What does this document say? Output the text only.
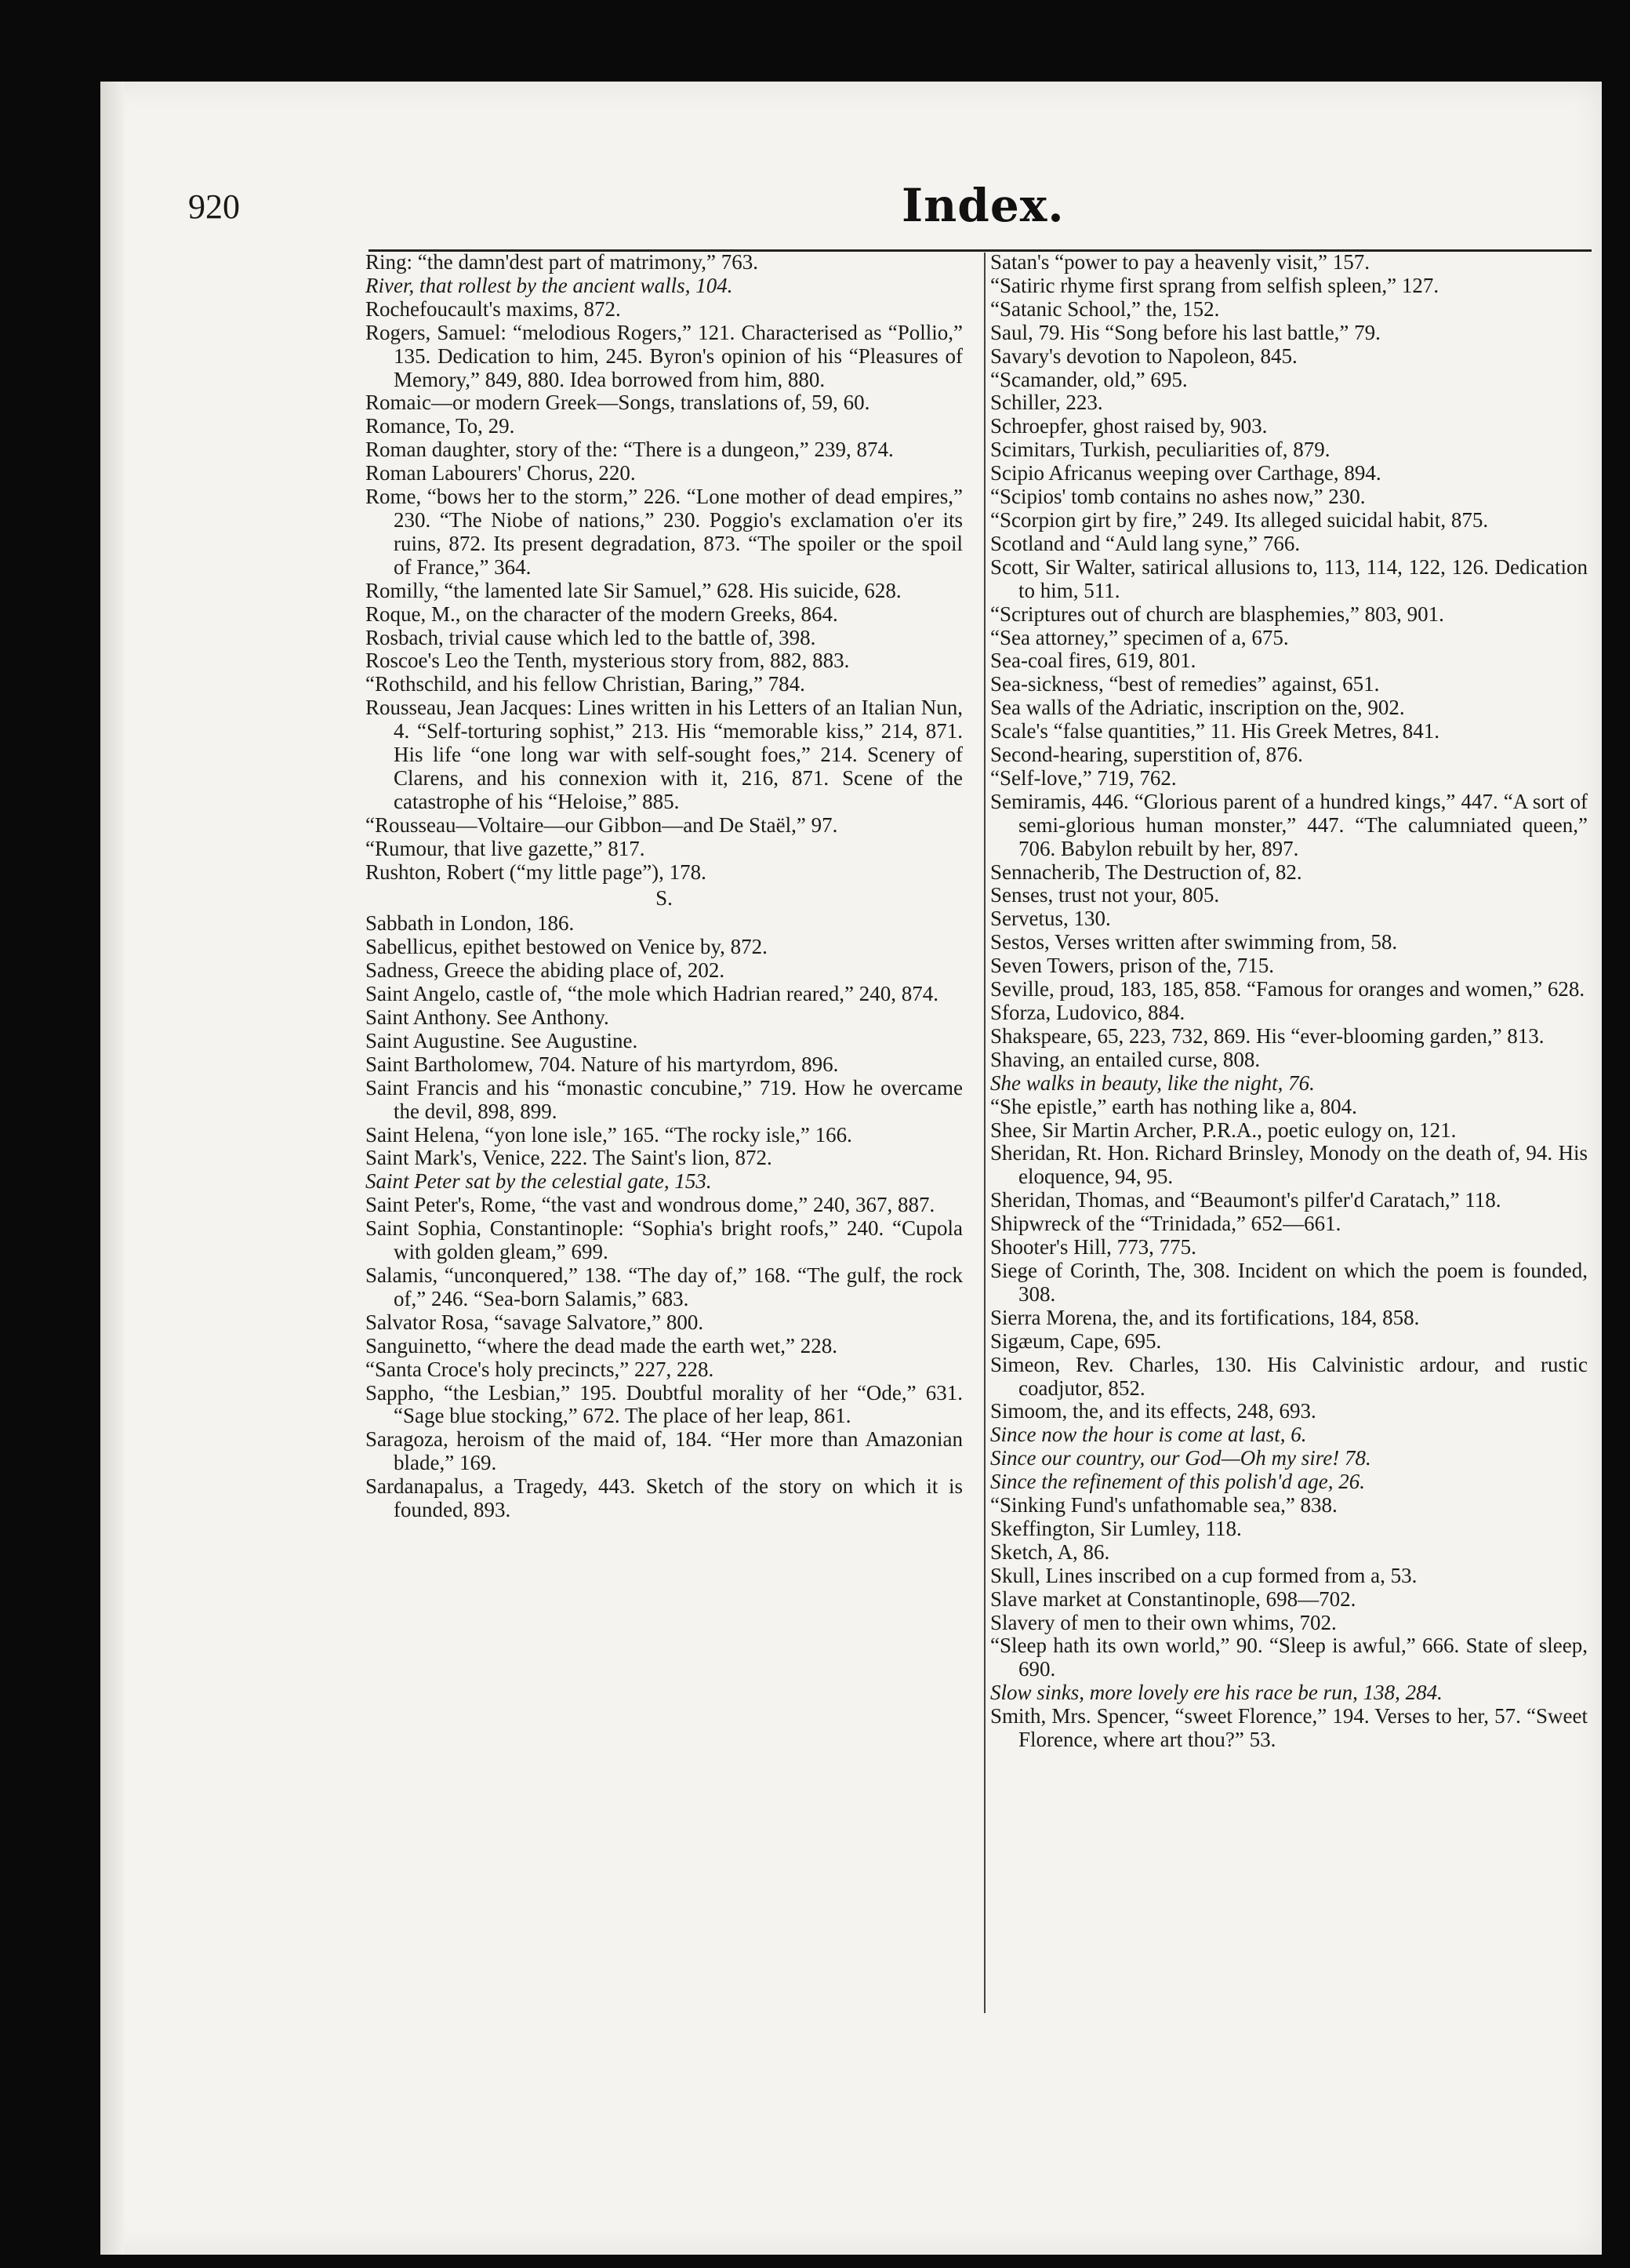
920	Index.
Ring: “the damn'dest part of matrimony,” 763.
River, that rollest by the ancient walls, 104.
Rochefoucault's maxims, 872.
Rogers, Samuel: “melodious Rogers,” 121. Characterised as “Pollio,” 135. Dedication to him, 245. Byron's opinion of his “Pleasures of Memory,” 849, 880. Idea borrowed from him, 880.
Romaic—or modern Greek—Songs, translations of, 59, 60.
Romance, To, 29.
Roman daughter, story of the: “There is a dungeon,” 239, 874.
Roman Labourers' Chorus, 220.
Rome, “bows her to the storm,” 226. “Lone mother of dead empires,” 230. “The Niobe of nations,” 230. Poggio's exclamation o'er its ruins, 872. Its present degradation, 873. “The spoiler or the spoil of France,” 364.
Romilly, “the lamented late Sir Samuel,” 628. His suicide, 628.
Roque, M., on the character of the modern Greeks, 864.
Rosbach, trivial cause which led to the battle of, 398.
Roscoe's Leo the Tenth, mysterious story from, 882, 883.
“Rothschild, and his fellow Christian, Baring,” 784.
Rousseau, Jean Jacques: Lines written in his Letters of an Italian Nun, 4. “Self-torturing sophist,” 213. His “memorable kiss,” 214, 871. His life “one long war with self-sought foes,” 214. Scenery of Clarens, and his connexion with it, 216, 871. Scene of the catastrophe of his “Heloise,” 885.
“Rousseau—Voltaire—our Gibbon—and De Staël,” 97.
“Rumour, that live gazette,” 817.
Rushton, Robert (“my little page”), 178.
S.
Sabbath in London, 186.
Sabellicus, epithet bestowed on Venice by, 872.
Sadness, Greece the abiding place of, 202.
Saint Angelo, castle of, “the mole which Hadrian reared,” 240, 874.
Saint Anthony. See Anthony.
Saint Augustine. See Augustine.
Saint Bartholomew, 704. Nature of his martyrdom, 896.
Saint Francis and his “monastic concubine,” 719. How he overcame the devil, 898, 899.
Saint Helena, “yon lone isle,” 165. “The rocky isle,” 166.
Saint Mark's, Venice, 222. The Saint's lion, 872.
Saint Peter sat by the celestial gate, 153.
Saint Peter's, Rome, “the vast and wondrous dome,” 240, 367, 887.
Saint Sophia, Constantinople: “Sophia's bright roofs,” 240. “Cupola with golden gleam,” 699.
Salamis, “unconquered,” 138. “The day of,” 168. “The gulf, the rock of,” 246. “Sea-born Salamis,” 683.
Salvator Rosa, “savage Salvatore,” 800.
Sanguinetto, “where the dead made the earth wet,” 228.
“Santa Croce's holy precincts,” 227, 228.
Sappho, “the Lesbian,” 195. Doubtful morality of her “Ode,” 631. “Sage blue stocking,” 672. The place of her leap, 861.
Saragoza, heroism of the maid of, 184. “Her more than Amazonian blade,” 169.
Sardanapalus, a Tragedy, 443. Sketch of the story on which it is founded, 893.
Satan's “power to pay a heavenly visit,” 157.
“Satiric rhyme first sprang from selfish spleen,” 127.
“Satanic School,” the, 152.
Saul, 79. His “Song before his last battle,” 79.
Savary's devotion to Napoleon, 845.
“Scamander, old,” 695.
Schiller, 223.
Schroepfer, ghost raised by, 903.
Scimitars, Turkish, peculiarities of, 879.
Scipio Africanus weeping over Carthage, 894.
“Scipios' tomb contains no ashes now,” 230.
“Scorpion girt by fire,” 249. Its alleged suicidal habit, 875.
Scotland and “Auld lang syne,” 766.
Scott, Sir Walter, satirical allusions to, 113, 114, 122, 126. Dedication to him, 511.
“Scriptures out of church are blasphemies,” 803, 901.
“Sea attorney,” specimen of a, 675.
Sea-coal fires, 619, 801.
Sea-sickness, “best of remedies” against, 651.
Sea walls of the Adriatic, inscription on the, 902.
Scale's “false quantities,” 11. His Greek Metres, 841.
Second-hearing, superstition of, 876.
“Self-love,” 719, 762.
Semiramis, 446. “Glorious parent of a hundred kings,” 447. “A sort of semi-glorious human monster,” 447. “The calumniated queen,” 706. Babylon rebuilt by her, 897.
Sennacherib, The Destruction of, 82.
Senses, trust not your, 805.
Servetus, 130.
Sestos, Verses written after swimming from, 58.
Seven Towers, prison of the, 715.
Seville, proud, 183, 185, 858. “Famous for oranges and women,” 628.
Sforza, Ludovico, 884.
Shakspeare, 65, 223, 732, 869. His “ever-blooming garden,” 813.
Shaving, an entailed curse, 808.
She walks in beauty, like the night, 76.
“She epistle,” earth has nothing like a, 804.
Shee, Sir Martin Archer, P.R.A., poetic eulogy on, 121.
Sheridan, Rt. Hon. Richard Brinsley, Monody on the death of, 94. His eloquence, 94, 95.
Sheridan, Thomas, and “Beaumont's pilfer'd Caratach,” 118.
Shipwreck of the “Trinidada,” 652—661.
Shooter's Hill, 773, 775.
Siege of Corinth, The, 308. Incident on which the poem is founded, 308.
Sierra Morena, the, and its fortifications, 184, 858.
Sigæum, Cape, 695.
Simeon, Rev. Charles, 130. His Calvinistic ardour, and rustic coadjutor, 852.
Simoom, the, and its effects, 248, 693.
Since now the hour is come at last, 6.
Since our country, our God—Oh my sire! 78.
Since the refinement of this polish'd age, 26.
“Sinking Fund's unfathomable sea,” 838.
Skeffington, Sir Lumley, 118.
Sketch, A, 86.
Skull, Lines inscribed on a cup formed from a, 53.
Slave market at Constantinople, 698—702.
Slavery of men to their own whims, 702.
“Sleep hath its own world,” 90. “Sleep is awful,” 666. State of sleep, 690.
Slow sinks, more lovely ere his race be run, 138, 284.
Smith, Mrs. Spencer, “sweet Florence,” 194. Verses to her, 57. “Sweet Florence, where art thou?” 53.
